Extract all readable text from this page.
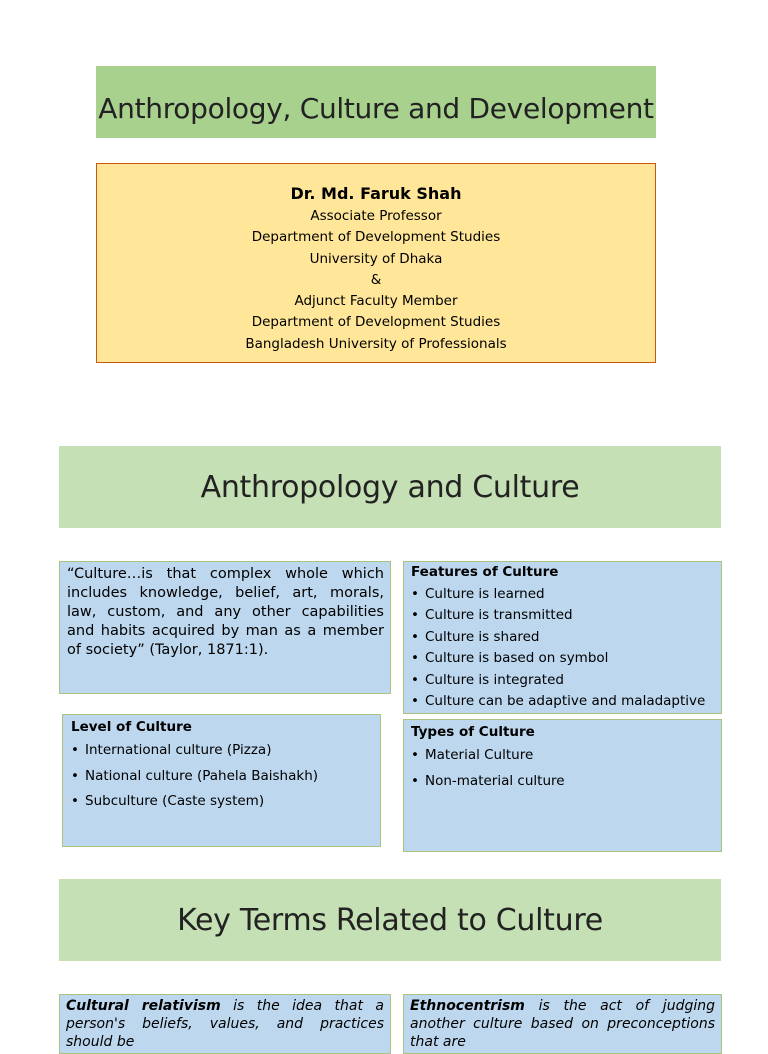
Anthropology, Culture and Development
Dr. Md. Faruk Shah
Associate Professor
Department of Development Studies
University of Dhaka
&
Adjunct Faculty Member
Department of Development Studies
Bangladesh University of Professionals
Anthropology and Culture
“Culture…is that complex whole which includes knowledge, belief, art, morals, law, custom, and any other capabilities and habits acquired by man as a member of society” (Taylor, 1871:1).
Features of Culture
• Culture is learned
• Culture is transmitted
• Culture is shared
• Culture is based on symbol
• Culture is integrated
• Culture can be adaptive and maladaptive
Level of Culture
• International culture (Pizza)
• National culture (Pahela Baishakh)
• Subculture (Caste system)
Types of Culture
• Material Culture
• Non-material culture
Key Terms Related to Culture
Cultural relativism is the idea that a person's beliefs, values, and practices should be
Ethnocentrism is the act of judging another culture based on preconceptions that are
